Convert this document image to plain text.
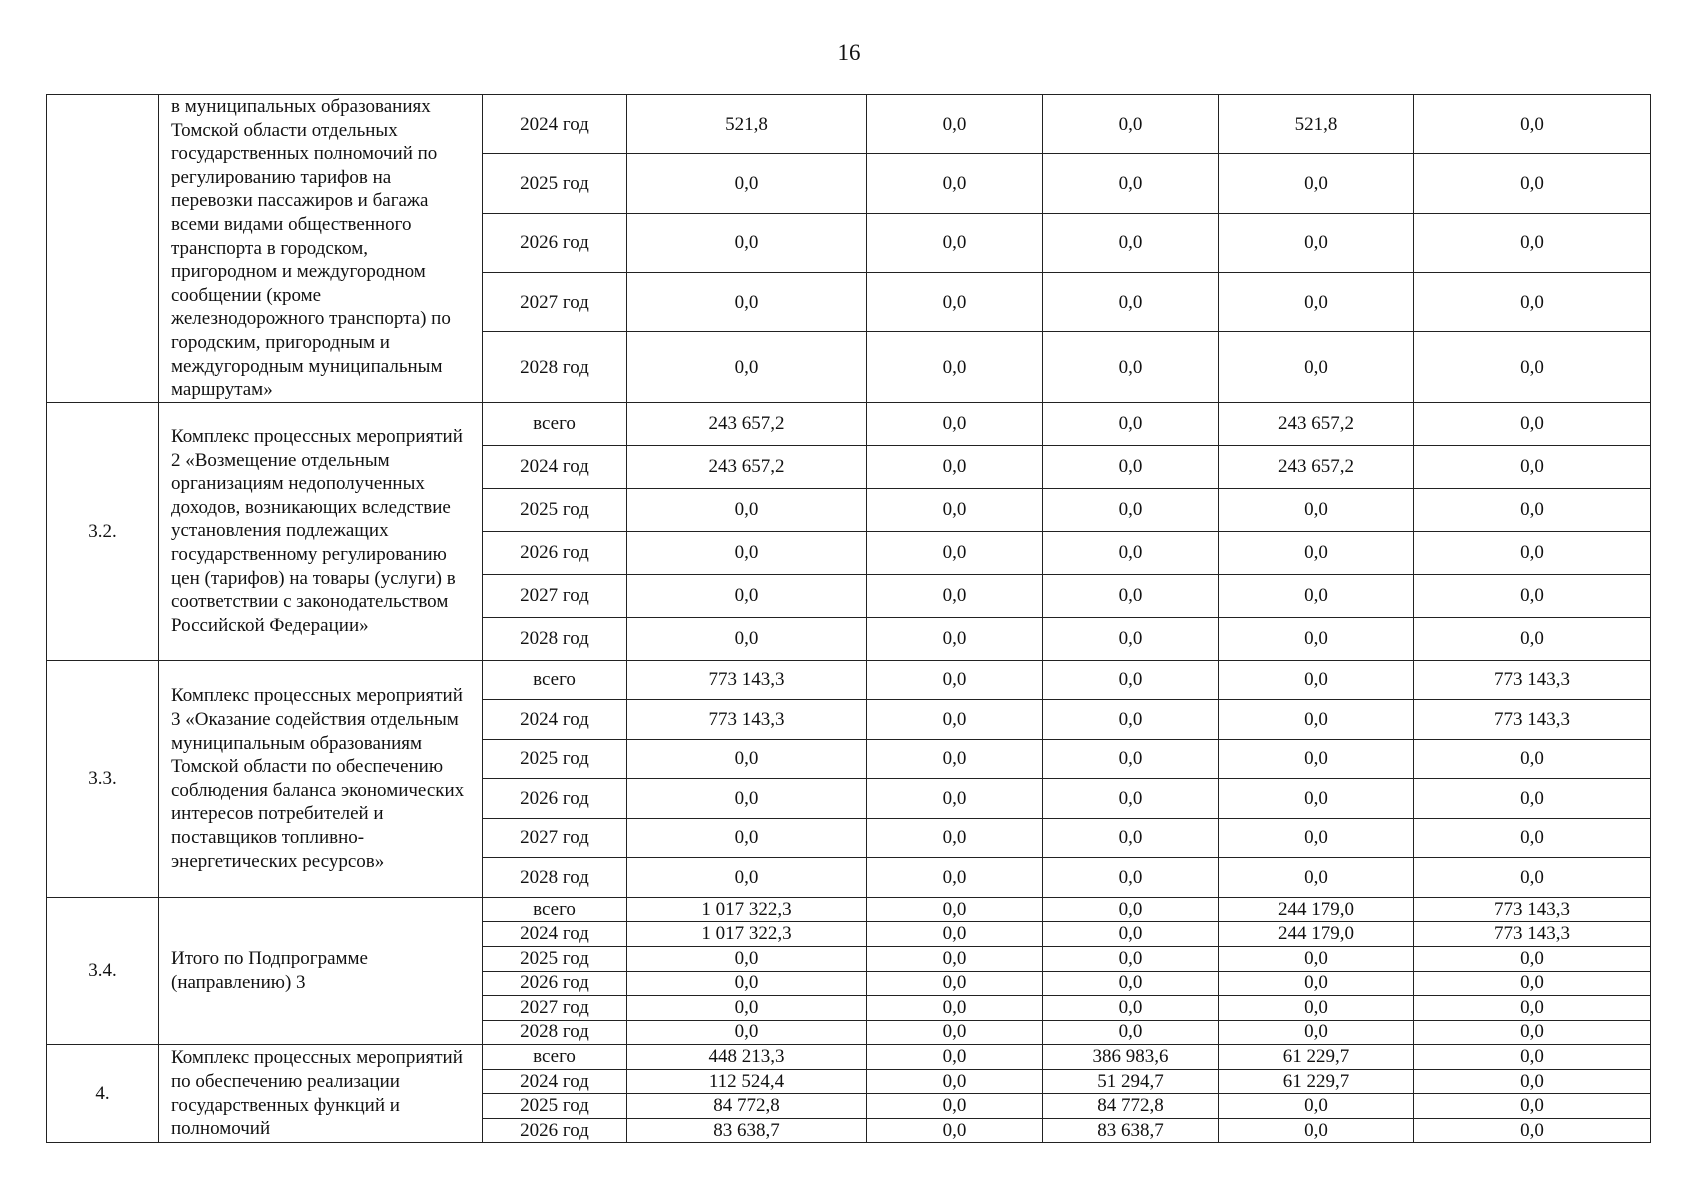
16
	в муниципальных образованиях Томской области отдельных государственных полномочий по регулированию тарифов на перевозки пассажиров и багажа всеми видами общественного транспорта в городском, пригородном и междугородном сообщении (кроме железнодорожного транспорта) по городским, пригородным и междугородным муниципальным маршрутам»	2024 год	521,8	0,0	0,0	521,8	0,0
		2025 год	0,0	0,0	0,0	0,0	0,0
		2026 год	0,0	0,0	0,0	0,0	0,0
		2027 год	0,0	0,0	0,0	0,0	0,0
		2028 год	0,0	0,0	0,0	0,0	0,0
3.2.	Комплекс процессных мероприятий 2 «Возмещение отдельным организациям недополученных доходов, возникающих вследствие установления подлежащих государственному регулированию цен (тарифов) на товары (услуги) в соответствии с законодательством Российской Федерации»	всего	243 657,2	0,0	0,0	243 657,2	0,0
		2024 год	243 657,2	0,0	0,0	243 657,2	0,0
		2025 год	0,0	0,0	0,0	0,0	0,0
		2026 год	0,0	0,0	0,0	0,0	0,0
		2027 год	0,0	0,0	0,0	0,0	0,0
		2028 год	0,0	0,0	0,0	0,0	0,0
3.3.	Комплекс процессных мероприятий 3 «Оказание содействия отдельным муниципальным образованиям Томской области по обеспечению соблюдения баланса экономических интересов потребителей и поставщиков топливно-энергетических ресурсов»	всего	773 143,3	0,0	0,0	0,0	773 143,3
		2024 год	773 143,3	0,0	0,0	0,0	773 143,3
		2025 год	0,0	0,0	0,0	0,0	0,0
		2026 год	0,0	0,0	0,0	0,0	0,0
		2027 год	0,0	0,0	0,0	0,0	0,0
		2028 год	0,0	0,0	0,0	0,0	0,0
3.4.	Итого по Подпрограмме (направлению) 3	всего	1 017 322,3	0,0	0,0	244 179,0	773 143,3
		2024 год	1 017 322,3	0,0	0,0	244 179,0	773 143,3
		2025 год	0,0	0,0	0,0	0,0	0,0
		2026 год	0,0	0,0	0,0	0,0	0,0
		2027 год	0,0	0,0	0,0	0,0	0,0
		2028 год	0,0	0,0	0,0	0,0	0,0
4.	Комплекс процессных мероприятий по обеспечению реализации государственных функций и полномочий	всего	448 213,3	0,0	386 983,6	61 229,7	0,0
		2024 год	112 524,4	0,0	51 294,7	61 229,7	0,0
		2025 год	84 772,8	0,0	84 772,8	0,0	0,0
		2026 год	83 638,7	0,0	83 638,7	0,0	0,0
